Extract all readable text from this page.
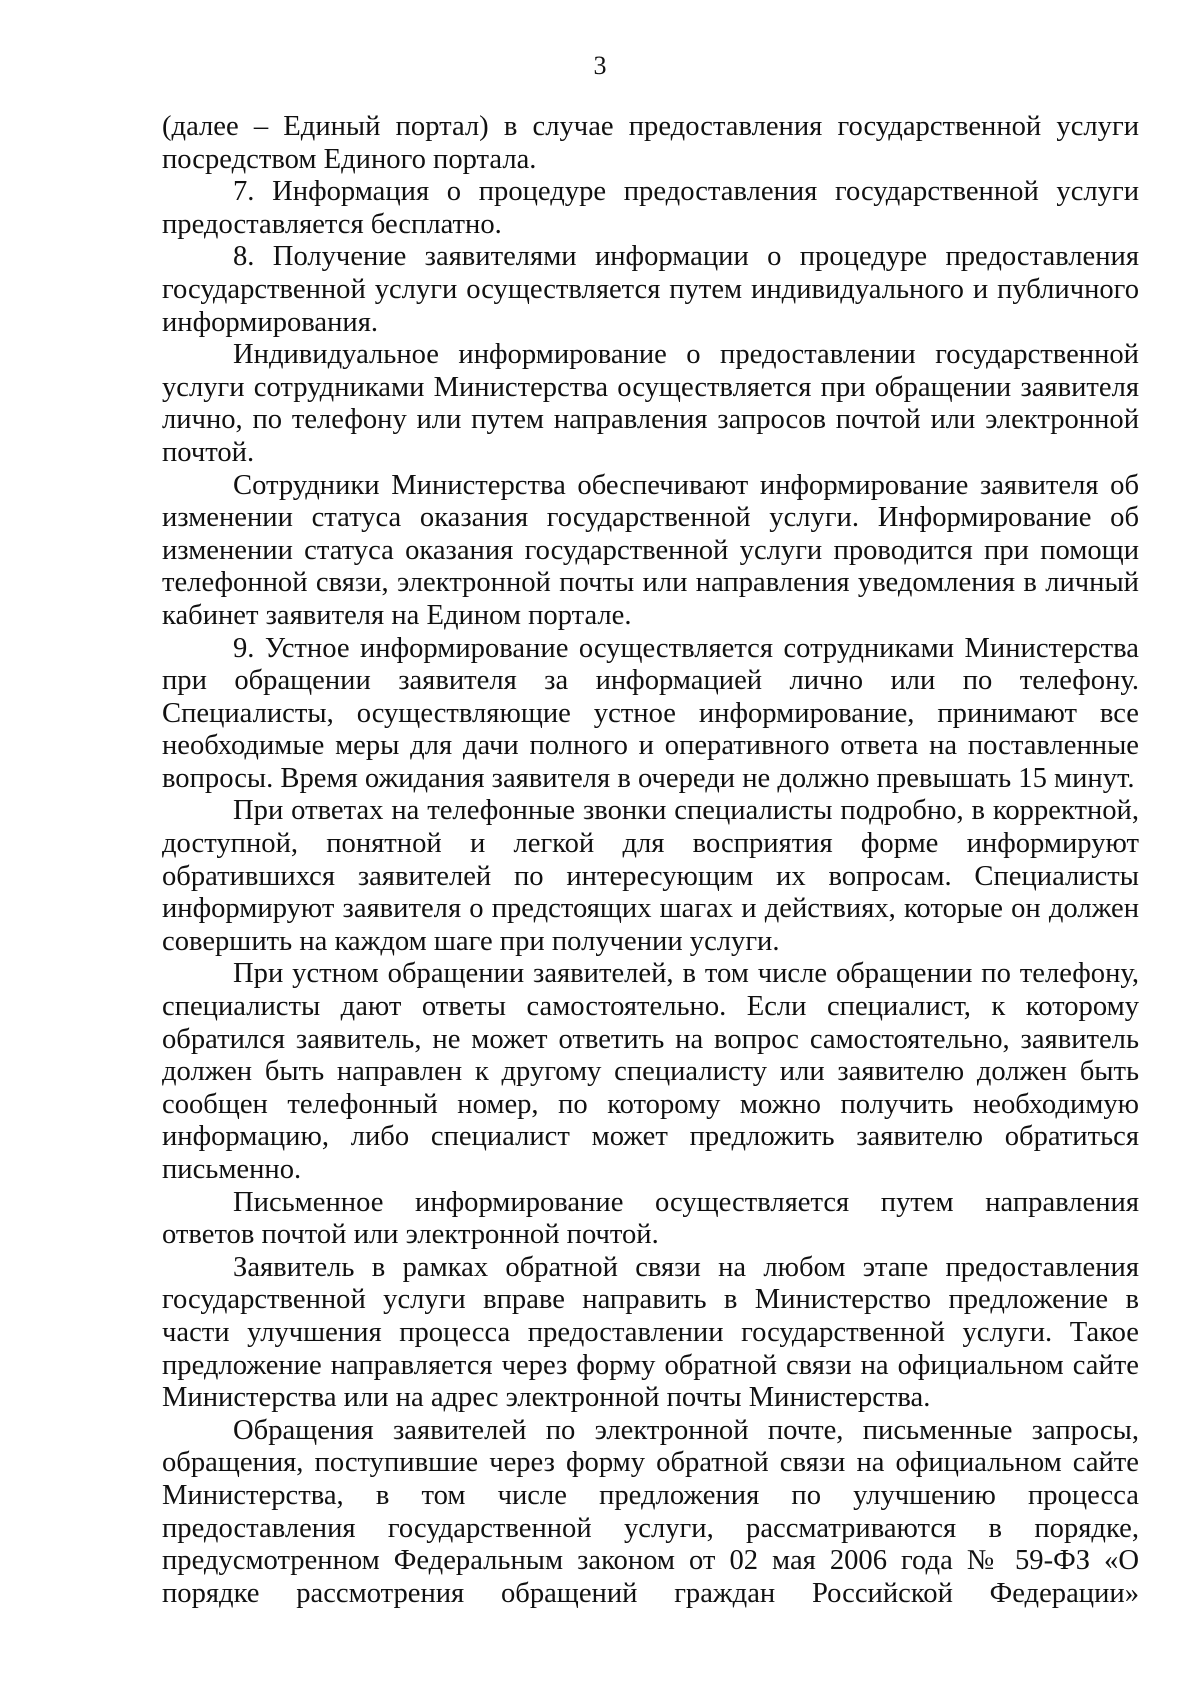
3

(далее – Единый портал) в случае предоставления государственной услуги посредством Единого портала.

7. Информация о процедуре предоставления государственной услуги предоставляется бесплатно.

8. Получение заявителями информации о процедуре предоставления государственной услуги осуществляется путем индивидуального и публичного информирования.

Индивидуальное информирование о предоставлении государственной услуги сотрудниками Министерства осуществляется при обращении заявителя лично, по телефону или путем направления запросов почтой или электронной почтой.

Сотрудники Министерства обеспечивают информирование заявителя об изменении статуса оказания государственной услуги. Информирование об изменении статуса оказания государственной услуги проводится при помощи телефонной связи, электронной почты или направления уведомления в личный кабинет заявителя на Едином портале.

9. Устное информирование осуществляется сотрудниками Министерства при обращении заявителя за информацией лично или по телефону. Специалисты, осуществляющие устное информирование, принимают все необходимые меры для дачи полного и оперативного ответа на поставленные вопросы. Время ожидания заявителя в очереди не должно превышать 15 минут.

При ответах на телефонные звонки специалисты подробно, в корректной, доступной, понятной и легкой для восприятия форме информируют обратившихся заявителей по интересующим их вопросам. Специалисты информируют заявителя о предстоящих шагах и действиях, которые он должен совершить на каждом шаге при получении услуги.

При устном обращении заявителей, в том числе обращении по телефону, специалисты дают ответы самостоятельно. Если специалист, к которому обратился заявитель, не может ответить на вопрос самостоятельно, заявитель должен быть направлен к другому специалисту или заявителю должен быть сообщен телефонный номер, по которому можно получить необходимую информацию, либо специалист может предложить заявителю обратиться письменно.

Письменное информирование осуществляется путем направления ответов почтой или электронной почтой.

Заявитель в рамках обратной связи на любом этапе предоставления государственной услуги вправе направить в Министерство предложение в части улучшения процесса предоставлении государственной услуги. Такое предложение направляется через форму обратной связи на официальном сайте Министерства или на адрес электронной почты Министерства.

Обращения заявителей по электронной почте, письменные запросы, обращения, поступившие через форму обратной связи на официальном сайте Министерства, в том числе предложения по улучшению процесса предоставления государственной услуги, рассматриваются в порядке, предусмотренном Федеральным законом от 02 мая 2006 года № 59-ФЗ «О порядке рассмотрения обращений граждан Российской Федерации»
